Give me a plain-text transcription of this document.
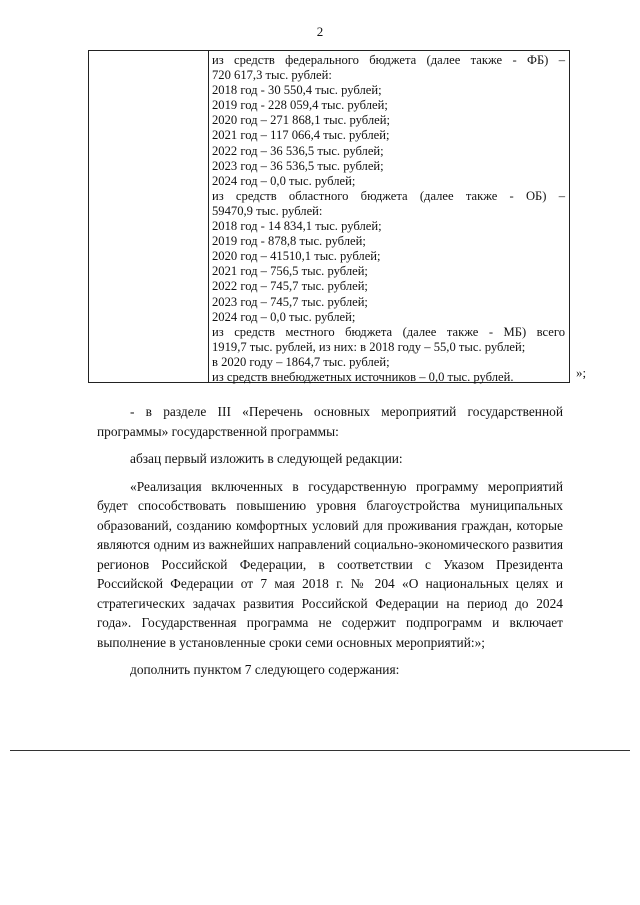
2
из средств федерального бюджета (далее также - ФБ) –
720 617,3 тыс. рублей:
2018 год - 30 550,4 тыс. рублей;
2019 год - 228 059,4 тыс. рублей;
2020 год – 271 868,1 тыс. рублей;
2021 год – 117 066,4 тыс. рублей;
2022 год – 36 536,5 тыс. рублей;
2023 год – 36 536,5 тыс. рублей;
2024 год – 0,0 тыс. рублей;
из средств областного бюджета (далее также - ОБ) –
59470,9 тыс. рублей:
2018 год - 14 834,1 тыс. рублей;
2019 год - 878,8 тыс. рублей;
2020 год – 41510,1 тыс. рублей;
2021 год – 756,5 тыс. рублей;
2022 год – 745,7 тыс. рублей;
2023 год – 745,7 тыс. рублей;
2024 год – 0,0 тыс. рублей;
из средств местного бюджета (далее также - МБ) всего
1919,7 тыс. рублей, из них: в 2018 году – 55,0 тыс. рублей;
в 2020 году – 1864,7 тыс. рублей;
из средств внебюджетных источников – 0,0 тыс. рублей.	»;

- в разделе III «Перечень основных мероприятий государственной программы» государственной программы:

абзац первый изложить в следующей редакции:

«Реализация включенных в государственную программу мероприятий будет способствовать повышению уровня благоустройства муниципальных образований, созданию комфортных условий для проживания граждан, которые являются одним из важнейших направлений социально-экономического развития регионов Российской Федерации, в соответствии с Указом Президента Российской Федерации от 7 мая 2018 г. № 204 «О национальных целях и стратегических задачах развития Российской Федерации на период до 2024 года». Государственная программа не содержит подпрограмм и включает выполнение в установленные сроки семи основных мероприятий:»;

дополнить пунктом 7 следующего содержания:
